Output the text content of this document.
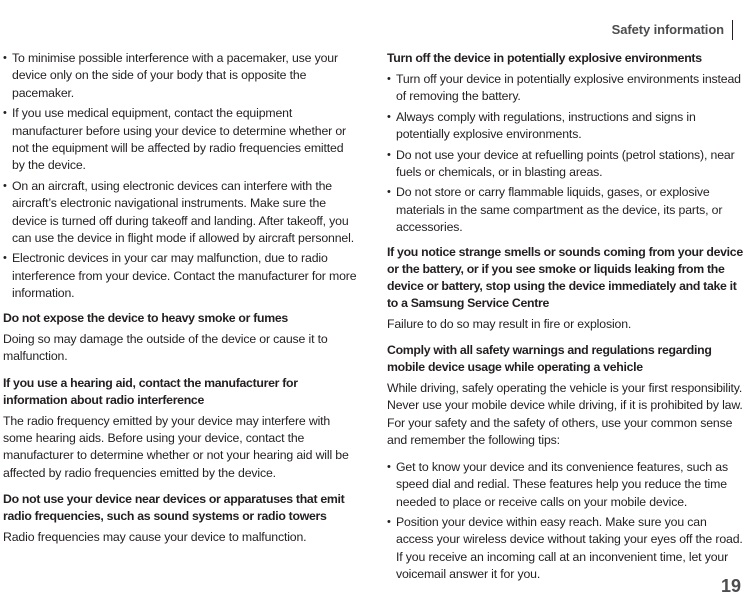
Safety information
• To minimise possible interference with a pacemaker, use your device only on the side of your body that is opposite the pacemaker.
• If you use medical equipment, contact the equipment manufacturer before using your device to determine whether or not the equipment will be affected by radio frequencies emitted by the device.
• On an aircraft, using electronic devices can interfere with the aircraft’s electronic navigational instruments. Make sure the device is turned off during takeoff and landing. After takeoff, you can use the device in flight mode if allowed by aircraft personnel.
• Electronic devices in your car may malfunction, due to radio interference from your device. Contact the manufacturer for more information.
Do not expose the device to heavy smoke or fumes

Doing so may damage the outside of the device or cause it to malfunction.

If you use a hearing aid, contact the manufacturer for information about radio interference

The radio frequency emitted by your device may interfere with some hearing aids. Before using your device, contact the manufacturer to determine whether or not your hearing aid will be affected by radio frequencies emitted by the device.

Do not use your device near devices or apparatuses that emit radio frequencies, such as sound systems or radio towers

Radio frequencies may cause your device to malfunction.

Turn off the device in potentially explosive environments
• Turn off your device in potentially explosive environments instead of removing the battery.
• Always comply with regulations, instructions and signs in potentially explosive environments.
• Do not use your device at refuelling points (petrol stations), near fuels or chemicals, or in blasting areas.
• Do not store or carry flammable liquids, gases, or explosive materials in the same compartment as the device, its parts, or accessories.
If you notice strange smells or sounds coming from your device or the battery, or if you see smoke or liquids leaking from the device or battery, stop using the device immediately and take it to a Samsung Service Centre

Failure to do so may result in fire or explosion.

Comply with all safety warnings and regulations regarding mobile device usage while operating a vehicle

While driving, safely operating the vehicle is your first responsibility. Never use your mobile device while driving, if it is prohibited by law. For your safety and the safety of others, use your common sense and remember the following tips:

• Get to know your device and its convenience features, such as speed dial and redial. These features help you reduce the time needed to place or receive calls on your mobile device.
• Position your device within easy reach. Make sure you can access your wireless device without taking your eyes off the road. If you receive an incoming call at an inconvenient time, let your voicemail answer it for you.
19
